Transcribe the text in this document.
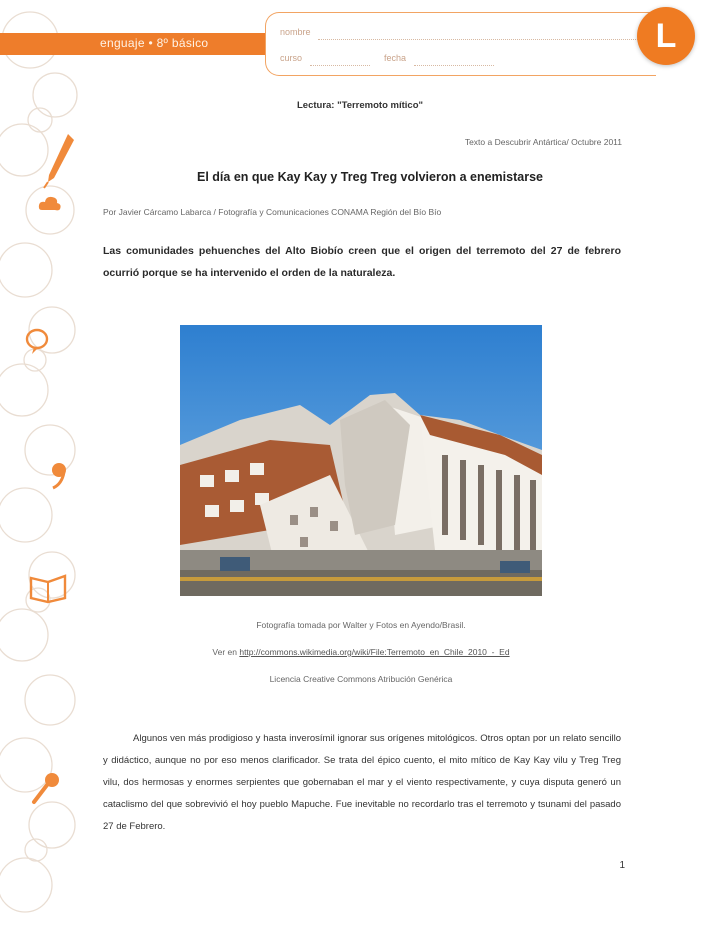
enguaje • 8º básico
nombre
curso	fecha
L
Lectura: "Terremoto mítico"
Texto a Descubrir Antártica/ Octubre 2011
El día en que Kay Kay y Treg Treg volvieron a enemistarse
Por Javier Cárcamo Labarca / Fotografía y Comunicaciones CONAMA Región del Bío Bío
Las comunidades pehuenches del Alto Biobío creen que el origen del terremoto del 27 de febrero ocurrió porque se ha intervenido el orden de la naturaleza.
Fotografía tomada por Walter y Fotos en Ayendo/Brasil.
Ver en http://commons.wikimedia.org/wiki/File:Terremoto_en_Chile_2010_-_Ed
Licencia Creative Commons Atribución Genérica
Algunos ven más prodigioso y hasta inverosímil ignorar sus orígenes mitológicos. Otros optan por un relato sencillo y didáctico, aunque no por eso menos clarificador. Se trata del épico cuento, el mito mítico de Kay Kay vilu y Treg Treg vilu, dos hermosas y enormes serpientes que gobernaban el mar y el viento respectivamente, y cuya disputa generó un cataclismo del que sobrevivió el hoy pueblo Mapuche. Fue inevitable no recordarlo tras el terremoto y tsunami del pasado 27 de Febrero.
1
